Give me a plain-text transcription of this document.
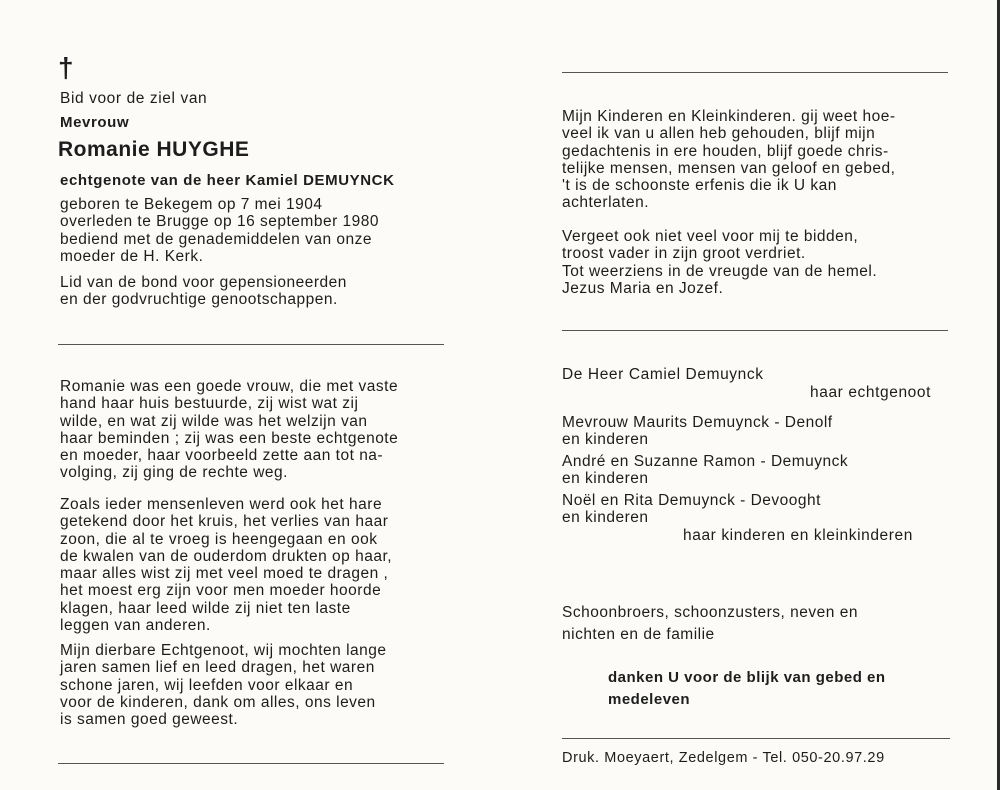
†
Bid voor de ziel van
Mevrouw
Romanie HUYGHE
echtgenote van de heer Kamiel DEMUYNCK
geboren te Bekegem op 7 mei 1904
overleden te Brugge op 16 september 1980
bediend met de genademiddelen van onze
moeder de H. Kerk.
Lid van de bond voor gepensioneerden
en der godvruchtige genootschappen.
Romanie was een goede vrouw, die met vaste
hand haar huis bestuurde, zij wist wat zij
wilde, en wat zij wilde was het welzijn van
haar beminden ; zij was een beste echtgenote
en moeder, haar voorbeeld zette aan tot na-
volging, zij ging de rechte weg.
Zoals ieder mensenleven werd ook het hare
getekend door het kruis, het verlies van haar
zoon, die al te vroeg is heengegaan en ook
de kwalen van de ouderdom drukten op haar,
maar alles wist zij met veel moed te dragen ,
het moest erg zijn voor men moeder hoorde
klagen, haar leed wilde zij niet ten laste
leggen van anderen.
Mijn dierbare Echtgenoot, wij mochten lange
jaren samen lief en leed dragen, het waren
schone jaren, wij leefden voor elkaar en
voor de kinderen, dank om alles, ons leven
is samen goed geweest.
Mijn Kinderen en Kleinkinderen. gij weet hoe-
veel ik van u allen heb gehouden, blijf mijn
gedachtenis in ere houden, blijf goede chris-
telijke mensen, mensen van geloof en gebed,
't is de schoonste erfenis die ik U kan
achterlaten.
Vergeet ook niet veel voor mij te bidden,
troost vader in zijn groot verdriet.
Tot weerziens in de vreugde van de hemel.
Jezus Maria en Jozef.
De Heer Camiel Demuynck
haar echtgenoot
Mevrouw Maurits Demuynck - Denolf
en kinderen
André en Suzanne Ramon - Demuynck
en kinderen
Noël en Rita Demuynck - Devooght
en kinderen
haar kinderen en kleinkinderen
Schoonbroers, schoonzusters, neven en
nichten en de familie
danken U voor de blijk van gebed en
medeleven
Druk. Moeyaert, Zedelgem - Tel. 050-20.97.29
